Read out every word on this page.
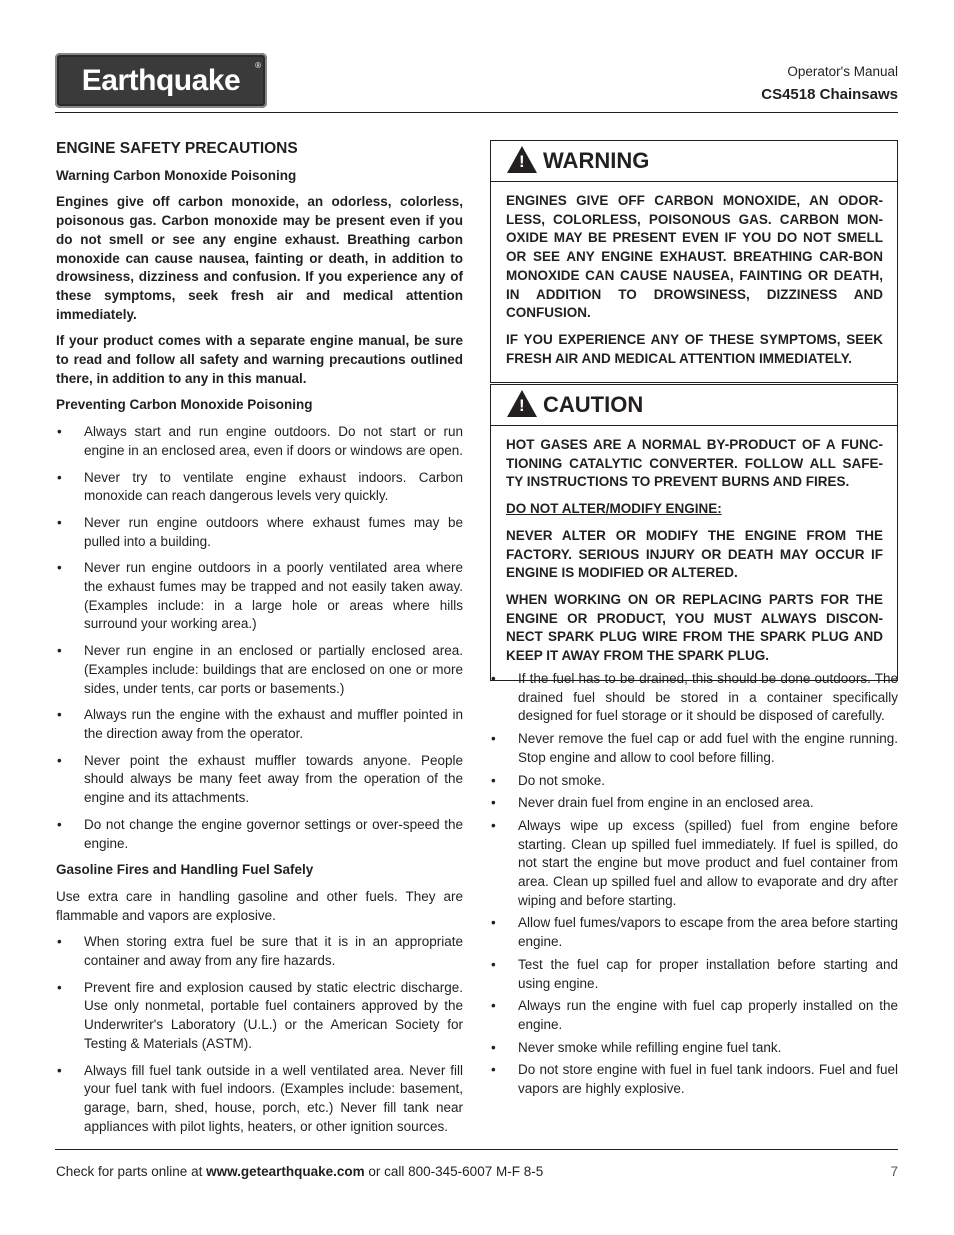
Earthquake ®	Operator's Manual
CS4518 Chainsaws
ENGINE SAFETY PRECAUTIONS
Warning Carbon Monoxide Poisoning

Engines give off carbon monoxide, an odorless, colorless, poisonous gas. Carbon monoxide may be present even if you do not smell or see any engine exhaust. Breathing carbon monoxide can cause nausea, fainting or death, in addition to drowsiness, dizziness and confusion. If you experience any of these symptoms, seek fresh air and medical attention immediately.

If your product comes with a separate engine manual, be sure to read and follow all safety and warning precautions outlined there, in addition to any in this manual.

Preventing Carbon Monoxide Poisoning
• Always start and run engine outdoors. Do not start or run engine in an enclosed area, even if doors or windows are open.
• Never try to ventilate engine exhaust indoors. Carbon monoxide can reach dangerous levels very quickly.
• Never run engine outdoors where exhaust fumes may be pulled into a building.
• Never run engine outdoors in a poorly ventilated area where the exhaust fumes may be trapped and not easily taken away. (Examples include: in a large hole or areas where hills surround your working area.)
• Never run engine in an enclosed or partially enclosed area. (Examples include: buildings that are enclosed on one or more sides, under tents, car ports or basements.)
• Always run the engine with the exhaust and muffler pointed in the direction away from the operator.
• Never point the exhaust muffler towards anyone. People should always be many feet away from the operation of the engine and its attachments.
• Do not change the engine governor settings or over-speed the engine.
Gasoline Fires and Handling Fuel Safely

Use extra care in handling gasoline and other fuels. They are flammable and vapors are explosive.

• When storing extra fuel be sure that it is in an appropriate container and away from any fire hazards.
• Prevent fire and explosion caused by static electric discharge. Use only nonmetal, portable fuel containers approved by the Underwriter's Laboratory (U.L.) or the American Society for Testing & Materials (ASTM).
• Always fill fuel tank outside in a well ventilated area. Never fill your fuel tank with fuel indoors. (Examples include: basement, garage, barn, shed, house, porch, etc.) Never fill tank near appliances with pilot lights, heaters, or other ignition sources.
!
WARNING

ENGINES GIVE OFF CARBON MONOXIDE, AN ODOR-LESS, COLORLESS, POISONOUS GAS. CARBON MON-OXIDE MAY BE PRESENT EVEN IF YOU DO NOT SMELL OR SEE ANY ENGINE EXHAUST. BREATHING CAR-BON MONOXIDE CAN CAUSE NAUSEA, FAINTING OR DEATH, IN ADDITION TO DROWSINESS, DIZZINESS AND CONFUSION.

IF YOU EXPERIENCE ANY OF THESE SYMPTOMS, SEEK FRESH AIR AND MEDICAL ATTENTION IMMEDIATELY.

!
CAUTION

HOT GASES ARE A NORMAL BY-PRODUCT OF A FUNC-TIONING CATALYTIC CONVERTER. FOLLOW ALL SAFE-TY INSTRUCTIONS TO PREVENT BURNS AND FIRES.

DO NOT ALTER/MODIFY ENGINE:

NEVER ALTER OR MODIFY THE ENGINE FROM THE FACTORY. SERIOUS INJURY OR DEATH MAY OCCUR IF ENGINE IS MODIFIED OR ALTERED.

WHEN WORKING ON OR REPLACING PARTS FOR THE ENGINE OR PRODUCT, YOU MUST ALWAYS DISCON-NECT SPARK PLUG WIRE FROM THE SPARK PLUG AND KEEP IT AWAY FROM THE SPARK PLUG.

• If the fuel has to be drained, this should be done outdoors. The drained fuel should be stored in a container specifically designed for fuel storage or it should be disposed of carefully.
• Never remove the fuel cap or add fuel with the engine running. Stop engine and allow to cool before filling.
• Do not smoke.
• Never drain fuel from engine in an enclosed area.
• Always wipe up excess (spilled) fuel from engine before starting. Clean up spilled fuel immediately. If fuel is spilled, do not start the engine but move product and fuel container from area. Clean up spilled fuel and allow to evaporate and dry after wiping and before starting.
• Allow fuel fumes/vapors to escape from the area before starting engine.
• Test the fuel cap for proper installation before starting and using engine.
• Always run the engine with fuel cap properly installed on the engine.
• Never smoke while refilling engine fuel tank.
• Do not store engine with fuel in fuel tank indoors. Fuel and fuel vapors are highly explosive.
Check for parts online at www.getearthquake.com or call 800-345-6007 M-F 8-5	7
